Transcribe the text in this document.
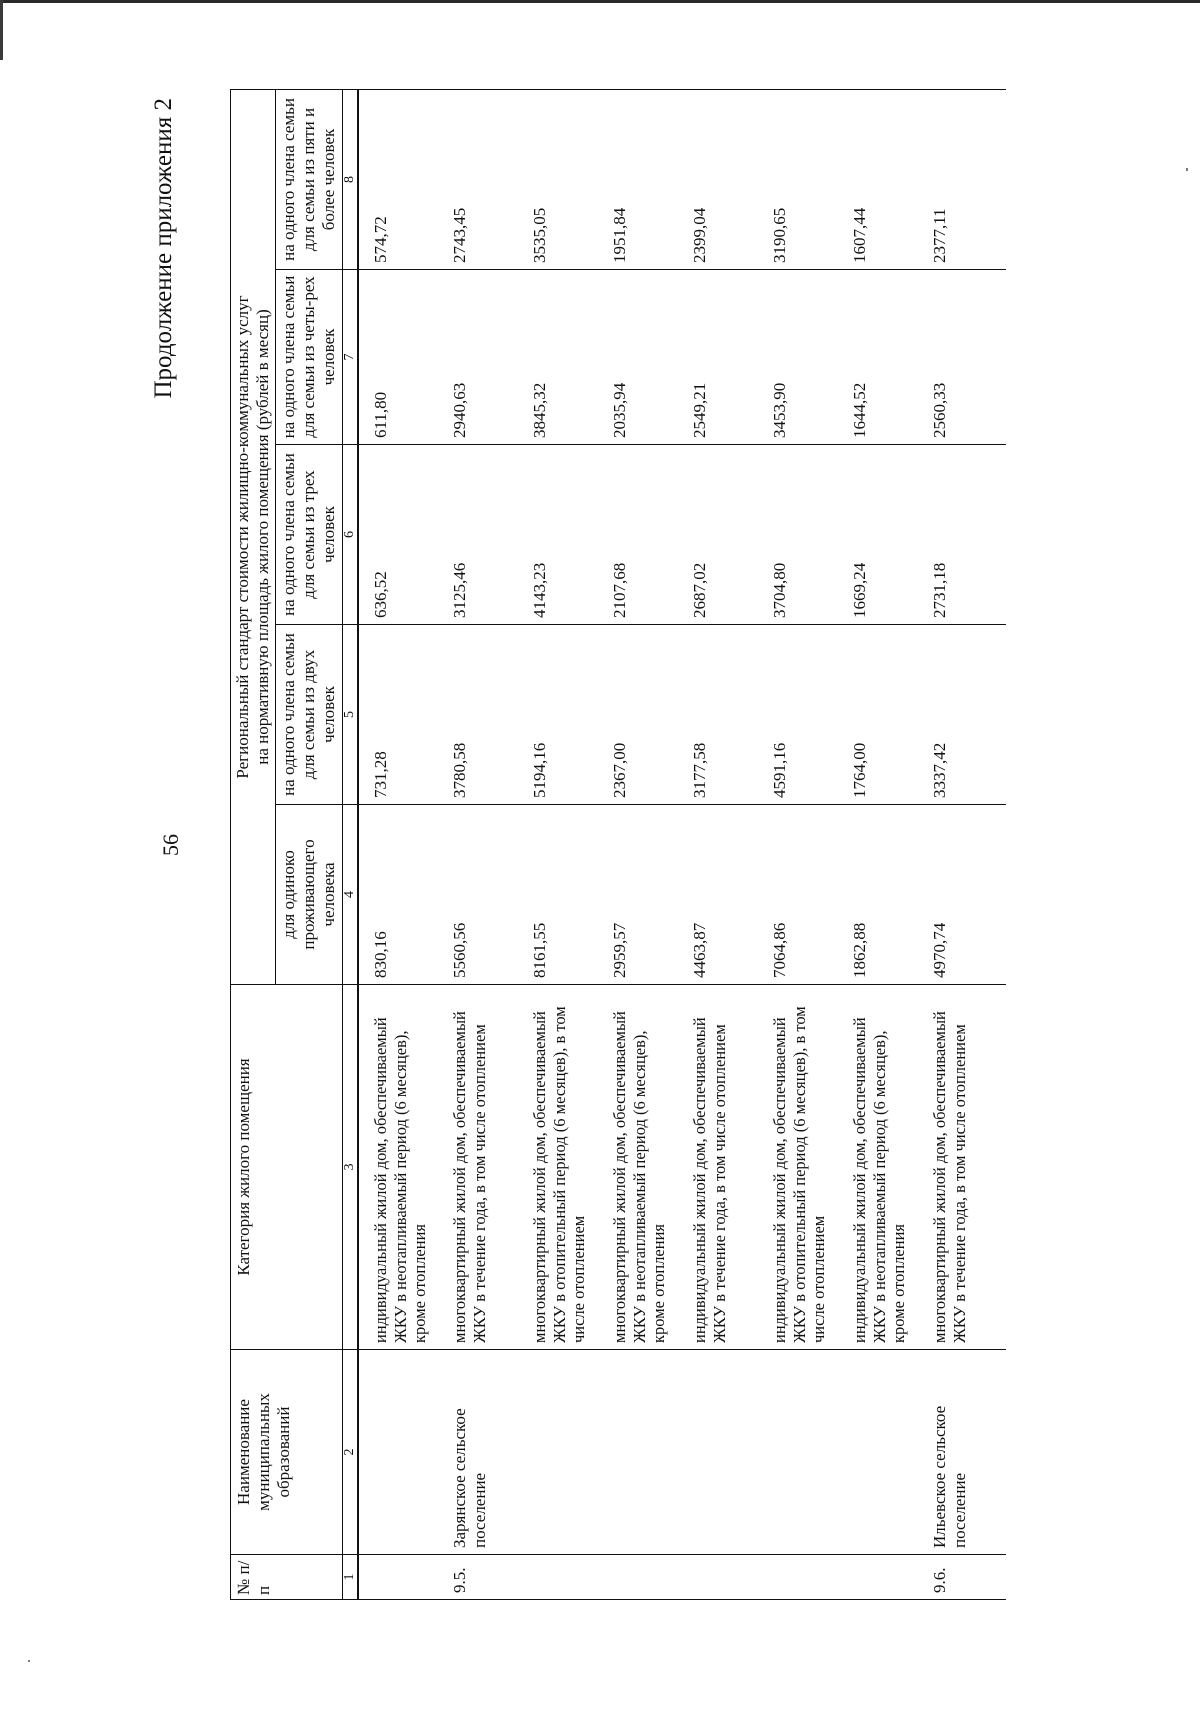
56
Продолжение приложения 2
№ п/п	Наименование муниципальных образований	Категория жилого помещения	Региональный стандарт стоимости жилищно-коммунальных услуг на нормативную площадь жилого помещения (рублей в месяц)				

			для одиноко проживающего человека	на одного члена семьи для семьи из двух человек	на одного члена семьи для семьи из трех человек	на одного члена семьи для семьи из четы-рех человек	на одного члена семьи для семьи из пяти и более человек
1	2	3	4	5	6	7	8
		индивидуальный жилой дом, обеспечиваемый ЖКУ в неотапливаемый период (6 месяцев), кроме отопления	830,16	731,28	636,52	611,80	574,72
9.5.	Зарянское сельское поселение	многоквартирный жилой дом, обеспечиваемый ЖКУ в течение года, в том числе отоплением	5560,56	3780,58	3125,46	2940,63	2743,45
		многоквартирный жилой дом, обеспечиваемый ЖКУ в отопительный период (6 месяцев), в том числе отоплением	8161,55	5194,16	4143,23	3845,32	3535,05
		многоквартирный жилой дом, обеспечиваемый ЖКУ в неотапливаемый период (6 месяцев), кроме отопления	2959,57	2367,00	2107,68	2035,94	1951,84
		индивидуальный жилой дом, обеспечиваемый ЖКУ в течение года, в том числе отоплением	4463,87	3177,58	2687,02	2549,21	2399,04
		индивидуальный жилой дом, обеспечиваемый ЖКУ в отопительный период (6 месяцев), в том числе отоплением	7064,86	4591,16	3704,80	3453,90	3190,65
		индивидуальный жилой дом, обеспечиваемый ЖКУ в неотапливаемый период (6 месяцев), кроме отопления	1862,88	1764,00	1669,24	1644,52	1607,44
9.6.	Ильевское сельское поселение	многоквартирный жилой дом, обеспечиваемый ЖКУ в течение года, в том числе отоплением	4970,74	3337,42	2731,18	2560,33	2377,11
